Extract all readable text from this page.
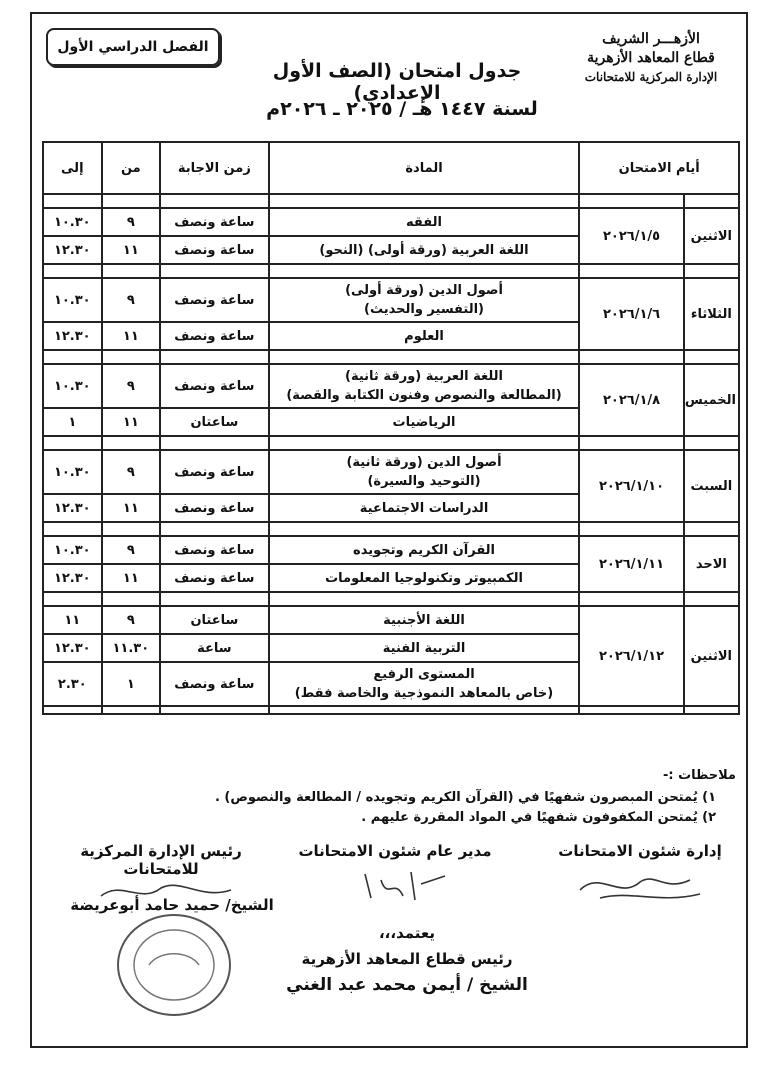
الفصل الدراسي الأول
جدول امتحان (الصف الأول الإعدادي)
لسنة ١٤٤٧ هـ / ٢٠٢٥ ـ ٢٠٢٦م
الأزهـــر الشريف
قطاع المعاهد الأزهرية
الإدارة المركزية للامتحانات
أيام الامتحان		المادة	زمن الاجابة	من	إلى

الاثنين	٢٠٢٦/١/٥	الفقه	ساعة ونصف	٩	١٠.٣٠

		اللغة العربية (ورقة أولى) (النحو)	ساعة ونصف	١١	١٢.٣٠

الثلاثاء	٢٠٢٦/١/٦	أصول الدين (ورقة أولى)
(التفسير والحديث)	ساعة ونصف	٩	١٠.٣٠

		العلوم	ساعة ونصف	١١	١٢.٣٠

الخميس	٢٠٢٦/١/٨	اللغة العربية (ورقة ثانية)
(المطالعة والنصوص وفنون الكتابة والقصة)	ساعة ونصف	٩	١٠.٣٠

		الرياضيات	ساعتان	١١	١

السبت	٢٠٢٦/١/١٠	أصول الدين (ورقة ثانية)
(التوحيد والسيرة)	ساعة ونصف	٩	١٠.٣٠

		الدراسات الاجتماعية	ساعة ونصف	١١	١٢.٣٠

الاحد	٢٠٢٦/١/١١	القرآن الكريم وتجويده	ساعة ونصف	٩	١٠.٣٠

		الكمبيوتر وتكنولوجيا المعلومات	ساعة ونصف	١١	١٢.٣٠

الاثنين	٢٠٢٦/١/١٢	اللغة الأجنبية	ساعتان	٩	١١

		التربية الفنية	ساعة	١١.٣٠	١٢.٣٠

		المستوى الرفيع
(خاص بالمعاهد النموذجية والخاصة فقط)	ساعة ونصف	١	٢.٣٠

ملاحظات :-
١) يُمتحن المبصرون شفهيًا في (القرآن الكريم وتجويده / المطالعة والنصوص) .
٢) يُمتحن المكفوفون شفهيًا في المواد المقررة عليهم .
إدارة شئون الامتحانات
مدير عام شئون الامتحانات
رئيس الإدارة المركزية للامتحانات
الشيخ/ حميد حامد أبوعريضة
يعتمد،،،
رئيس قطاع المعاهد الأزهرية
الشيخ / أيمن محمد عبد الغني
